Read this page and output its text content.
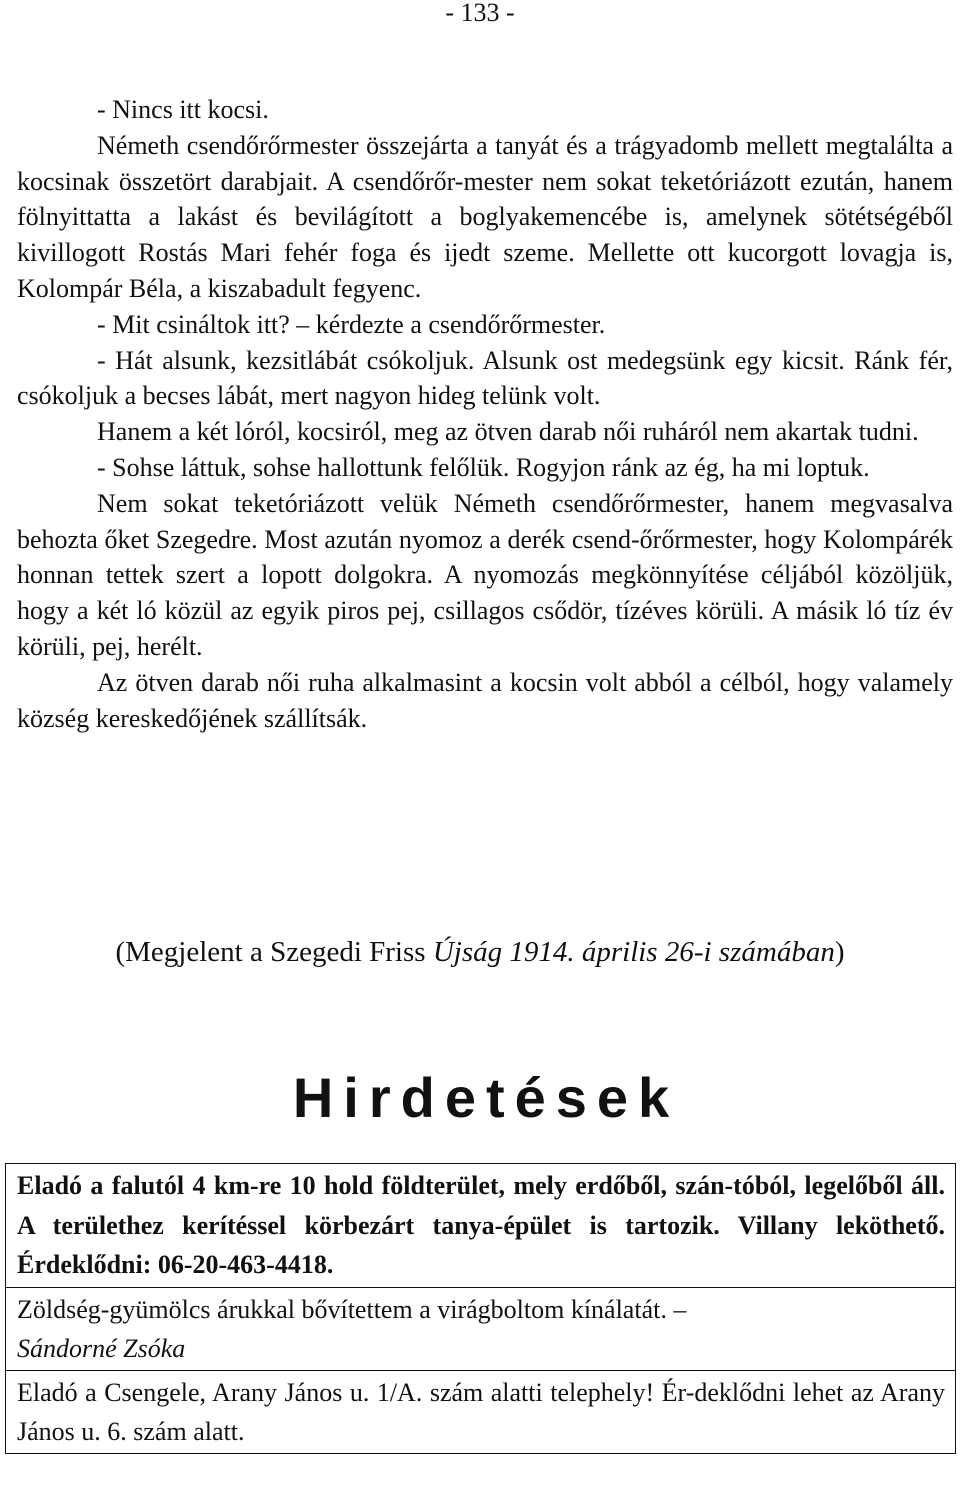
- 133 -

- Nincs itt kocsi.

Németh csendőrőrmester összejárta a tanyát és a trágyadomb mellett megtalálta a kocsinak összetört darabjait. A csendőrőr-mester nem sokat teketóriázott ezután, hanem fölnyittatta a lakást és bevilágított a boglyakemencébe is, amelynek sötétségéből kivillogott Rostás Mari fehér foga és ijedt szeme. Mellette ott kucorgott lovagja is, Kolompár Béla, a kiszabadult fegyenc.

- Mit csináltok itt? – kérdezte a csendőrőrmester.

- Hát alsunk, kezsitlábát csókoljuk. Alsunk ost medegsünk egy kicsit. Ránk fér, csókoljuk a becses lábát, mert nagyon hideg telünk volt.

Hanem a két lóról, kocsiról, meg az ötven darab női ruháról nem akartak tudni.

- Sohse láttuk, sohse hallottunk felőlük. Rogyjon ránk az ég, ha mi loptuk.

Nem sokat teketóriázott velük Németh csendőrőrmester, hanem megvasalva behozta őket Szegedre. Most azután nyomoz a derék csend-őrőrmester, hogy Kolompárék honnan tettek szert a lopott dolgokra. A nyomozás megkönnyítése céljából közöljük, hogy a két ló közül az egyik piros pej, csillagos csődör, tízéves körüli. A másik ló tíz év körüli, pej, herélt.

Az ötven darab női ruha alkalmasint a kocsin volt abból a célból, hogy valamely község kereskedőjének szállítsák.

(Megjelent a Szegedi Friss Újság 1914. április 26-i számában)
Hirdetések
Eladó a falutól 4 km-re 10 hold földterület, mely erdőből, szán-tóból, legelőből áll. A területhez kerítéssel körbezárt tanya-épület is tartozik. Villany leköthető. Érdeklődni: 06-20-463-4418.
Zöldség-gyümölcs árukkal bővítettem a virágboltom kínálatát. –
Sándorné Zsóka
Eladó a Csengele, Arany János u. 1/A. szám alatti telephely! Ér-deklődni lehet az Arany János u. 6. szám alatt.
